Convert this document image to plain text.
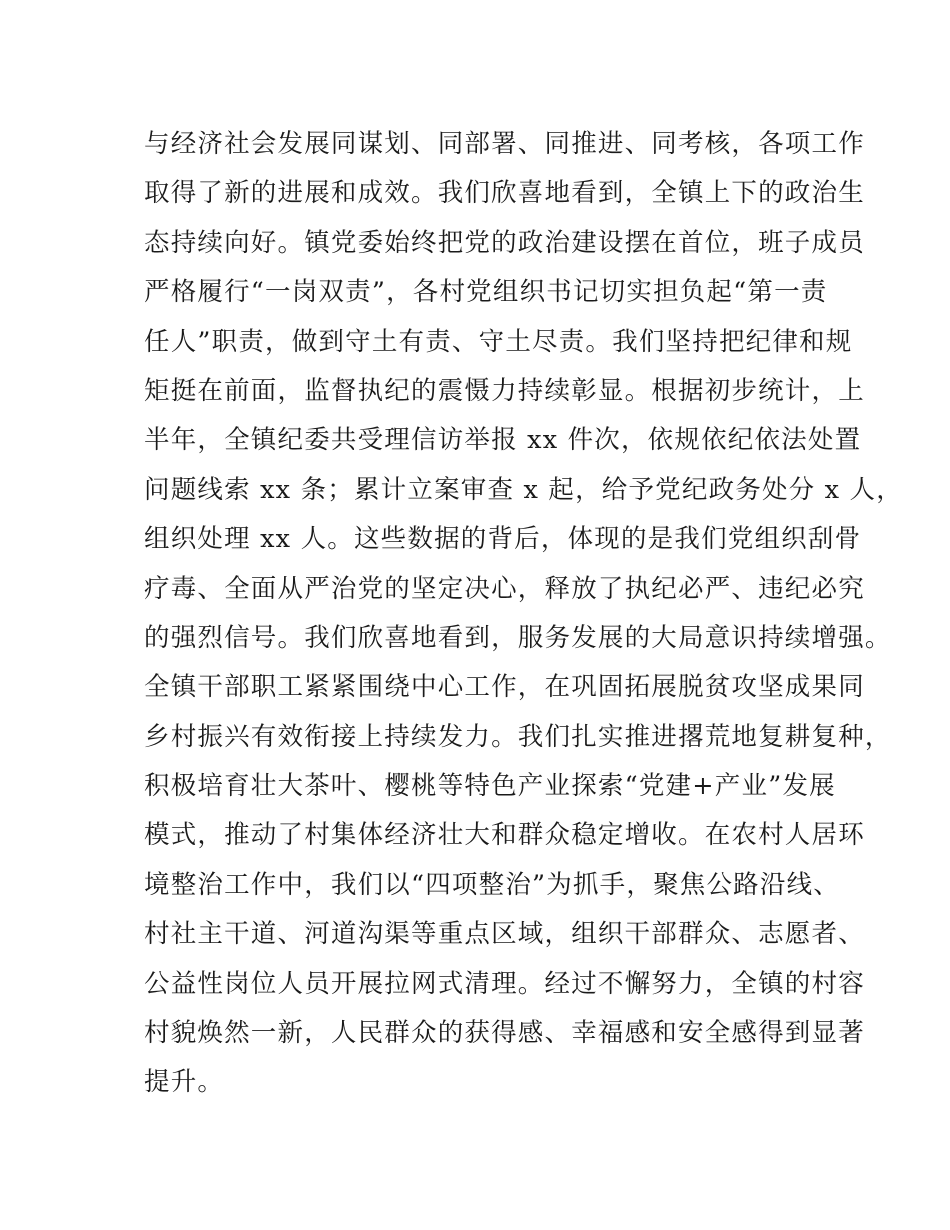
与经济社会发展同谋划、同部署、同推进、同考核，各项工作
取得了新的进展和成效。我们欣喜地看到，全镇上下的政治生
态持续向好。镇党委始终把党的政治建设摆在首位，班子成员
严格履行“一岗双责”，各村党组织书记切实担负起“第一责
任人”职责，做到守土有责、守土尽责。我们坚持把纪律和规
矩挺在前面，监督执纪的震慑力持续彰显。根据初步统计，上
半年，全镇纪委共受理信访举报 xx 件次，依规依纪依法处置
问题线索 xx 条；累计立案审查 x 起，给予党纪政务处分 x 人，
组织处理 xx 人。这些数据的背后，体现的是我们党组织刮骨
疗毒、全面从严治党的坚定决心，释放了执纪必严、违纪必究
的强烈信号。我们欣喜地看到，服务发展的大局意识持续增强。
全镇干部职工紧紧围绕中心工作，在巩固拓展脱贫攻坚成果同
乡村振兴有效衔接上持续发力。我们扎实推进撂荒地复耕复种，
积极培育壮大茶叶、樱桃等特色产业探索“党建+产业”发展
模式，推动了村集体经济壮大和群众稳定增收。在农村人居环
境整治工作中，我们以“四项整治”为抓手，聚焦公路沿线、
村社主干道、河道沟渠等重点区域，组织干部群众、志愿者、
公益性岗位人员开展拉网式清理。经过不懈努力，全镇的村容
村貌焕然一新，人民群众的获得感、幸福感和安全感得到显著
提升。
